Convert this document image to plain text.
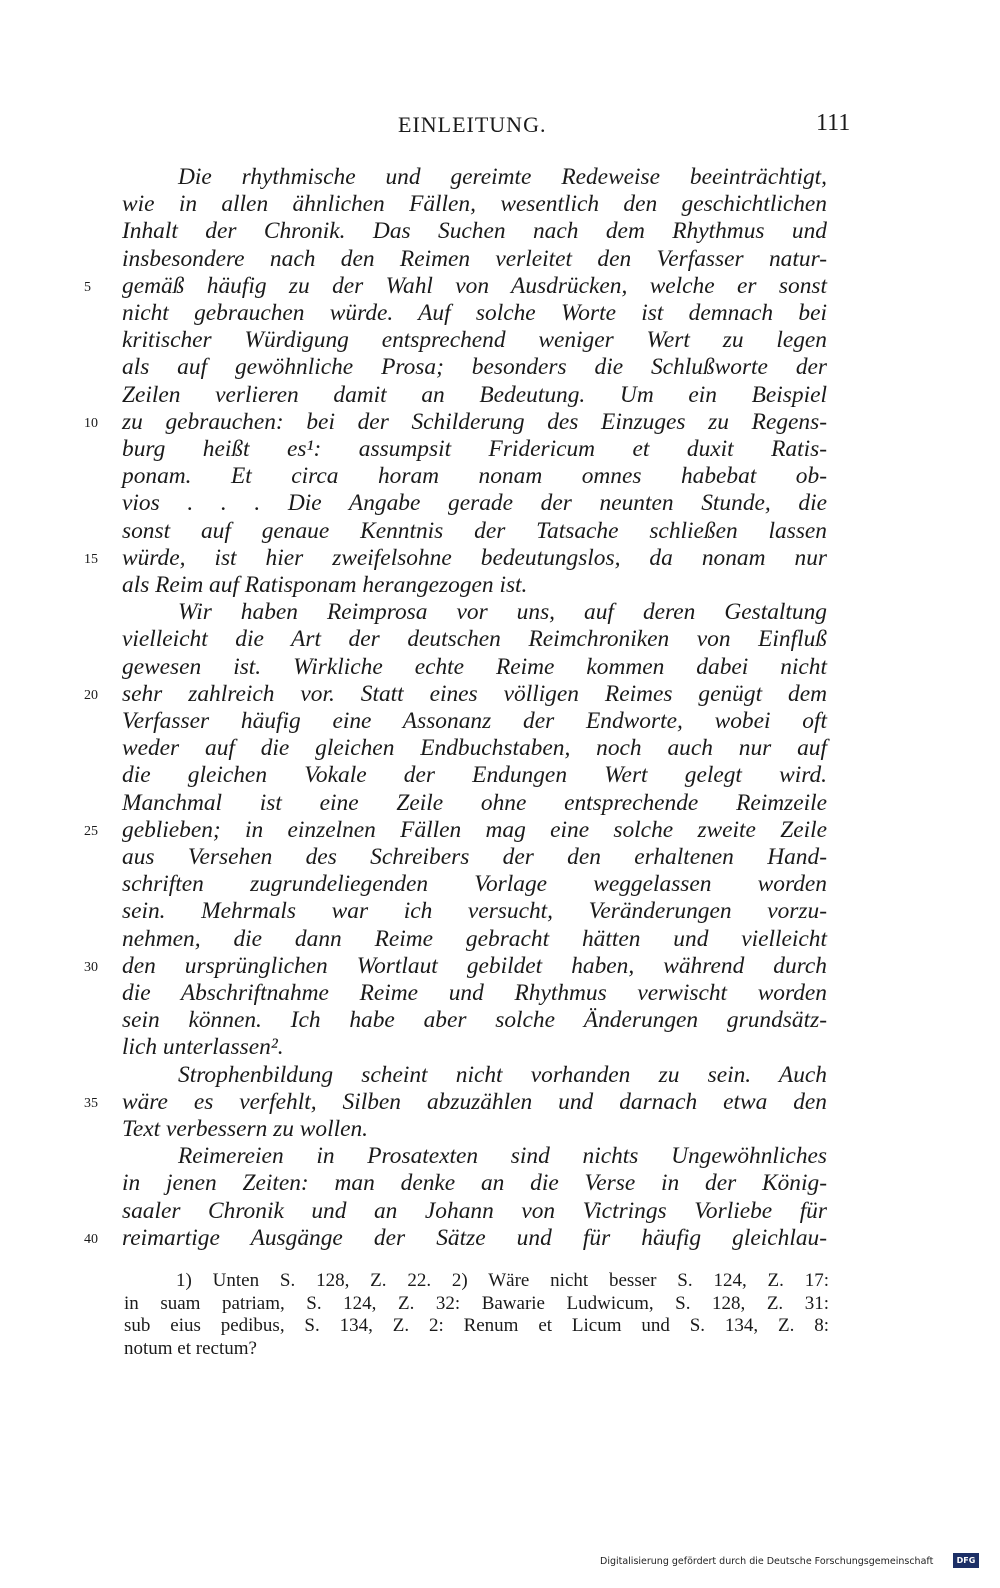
EINLEITUNG.	111
Die rhythmische und gereimte Redeweise beeinträchtigt,
wie in allen ähnlichen Fällen, wesentlich den geschichtlichen
Inhalt der Chronik. Das Suchen nach dem Rhythmus und
insbesondere nach den Reimen verleitet den Verfasser natur-
gemäß häufig zu der Wahl von Ausdrücken, welche er sonst
nicht gebrauchen würde. Auf solche Worte ist demnach bei
kritischer Würdigung entsprechend weniger Wert zu legen
als auf gewöhnliche Prosa; besonders die Schlußworte der
Zeilen verlieren damit an Bedeutung. Um ein Beispiel
zu gebrauchen: bei der Schilderung des Einzuges zu Regens-
burg heißt es¹: assumpsit Fridericum et duxit Ratis-
ponam. Et circa horam nonam omnes habebat ob-
vios . . . Die Angabe gerade der neunten Stunde, die
sonst auf genaue Kenntnis der Tatsache schließen lassen
würde, ist hier zweifelsohne bedeutungslos, da nonam nur
als Reim auf Ratisponam herangezogen ist.
Wir haben Reimprosa vor uns, auf deren Gestaltung
vielleicht die Art der deutschen Reimchroniken von Einfluß
gewesen ist. Wirkliche echte Reime kommen dabei nicht
sehr zahlreich vor. Statt eines völligen Reimes genügt dem
Verfasser häufig eine Assonanz der Endworte, wobei oft
weder auf die gleichen Endbuchstaben, noch auch nur auf
die gleichen Vokale der Endungen Wert gelegt wird.
Manchmal ist eine Zeile ohne entsprechende Reimzeile
geblieben; in einzelnen Fällen mag eine solche zweite Zeile
aus Versehen des Schreibers der den erhaltenen Hand-
schriften zugrundeliegenden Vorlage weggelassen worden
sein. Mehrmals war ich versucht, Veränderungen vorzu-
nehmen, die dann Reime gebracht hätten und vielleicht
den ursprünglichen Wortlaut gebildet haben, während durch
die Abschriftnahme Reime und Rhythmus verwischt worden
sein können. Ich habe aber solche Änderungen grundsätz-
lich unterlassen².
Strophenbildung scheint nicht vorhanden zu sein. Auch
wäre es verfehlt, Silben abzuzählen und darnach etwa den
Text verbessern zu wollen.
Reimereien in Prosatexten sind nichts Ungewöhnliches
in jenen Zeiten: man denke an die Verse in der König-
saaler Chronik und an Johann von Victrings Vorliebe für
reimartige Ausgänge der Sätze und für häufig gleichlau-
5
10
15
20
25
30
35
40
1) Unten S. 128, Z. 22. 2) Wäre nicht besser S. 124, Z. 17:
in suam patriam, S. 124, Z. 32: Bawarie Ludwicum, S. 128, Z. 31:
sub eius pedibus, S. 134, Z. 2: Renum et Licum und S. 134, Z. 8:
notum et rectum?
Digitalisierung gefördert durch die Deutsche Forschungsgemeinschaft	DFG
